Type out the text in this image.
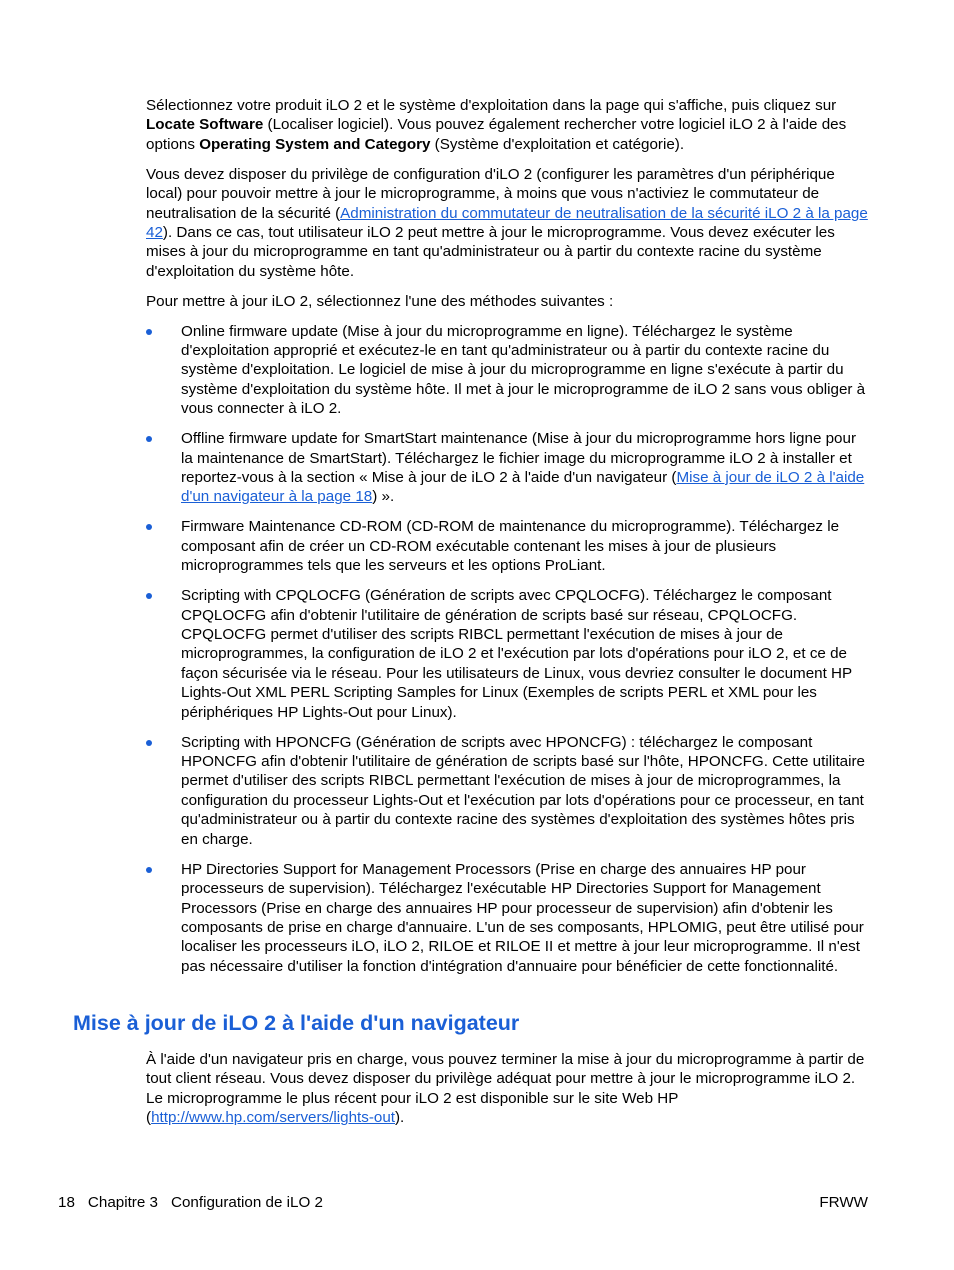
Sélectionnez votre produit iLO 2 et le système d'exploitation dans la page qui s'affiche, puis cliquez sur Locate Software (Localiser logiciel). Vous pouvez également rechercher votre logiciel iLO 2 à l'aide des options Operating System and Category (Système d'exploitation et catégorie).

Vous devez disposer du privilège de configuration d'iLO 2 (configurer les paramètres d'un périphérique local) pour pouvoir mettre à jour le microprogramme, à moins que vous n'activiez le commutateur de neutralisation de la sécurité (Administration du commutateur de neutralisation de la sécurité iLO 2 à la page 42). Dans ce cas, tout utilisateur iLO 2 peut mettre à jour le microprogramme. Vous devez exécuter les mises à jour du microprogramme en tant qu'administrateur ou à partir du contexte racine du système d'exploitation du système hôte.

Pour mettre à jour iLO 2, sélectionnez l'une des méthodes suivantes :

Online firmware update (Mise à jour du microprogramme en ligne). Téléchargez le système d'exploitation approprié et exécutez-le en tant qu'administrateur ou à partir du contexte racine du système d'exploitation. Le logiciel de mise à jour du microprogramme en ligne s'exécute à partir du système d'exploitation du système hôte. Il met à jour le microprogramme de iLO 2 sans vous obliger à vous connecter à iLO 2.
Offline firmware update for SmartStart maintenance (Mise à jour du microprogramme hors ligne pour la maintenance de SmartStart). Téléchargez le fichier image du microprogramme iLO 2 à installer et reportez-vous à la section « Mise à jour de iLO 2 à l'aide d'un navigateur (Mise à jour de iLO 2 à l'aide d'un navigateur à la page 18) ».
Firmware Maintenance CD-ROM (CD-ROM de maintenance du microprogramme). Téléchargez le composant afin de créer un CD-ROM exécutable contenant les mises à jour de plusieurs microprogrammes tels que les serveurs et les options ProLiant.
Scripting with CPQLOCFG (Génération de scripts avec CPQLOCFG). Téléchargez le composant CPQLOCFG afin d'obtenir l'utilitaire de génération de scripts basé sur réseau, CPQLOCFG. CPQLOCFG permet d'utiliser des scripts RIBCL permettant l'exécution de mises à jour de microprogrammes, la configuration de iLO 2 et l'exécution par lots d'opérations pour iLO 2, et ce de façon sécurisée via le réseau. Pour les utilisateurs de Linux, vous devriez consulter le document HP Lights-Out XML PERL Scripting Samples for Linux (Exemples de scripts PERL et XML pour les périphériques HP Lights-Out pour Linux).
Scripting with HPONCFG (Génération de scripts avec HPONCFG) : téléchargez le composant HPONCFG afin d'obtenir l'utilitaire de génération de scripts basé sur l'hôte, HPONCFG. Cette utilitaire permet d'utiliser des scripts RIBCL permettant l'exécution de mises à jour de microprogrammes, la configuration du processeur Lights-Out et l'exécution par lots d'opérations pour ce processeur, en tant qu'administrateur ou à partir du contexte racine des systèmes d'exploitation des systèmes hôtes pris en charge.
HP Directories Support for Management Processors (Prise en charge des annuaires HP pour processeurs de supervision). Téléchargez l'exécutable HP Directories Support for Management Processors (Prise en charge des annuaires HP pour processeur de supervision) afin d'obtenir les composants de prise en charge d'annuaire. L'un de ses composants, HPLOMIG, peut être utilisé pour localiser les processeurs iLO, iLO 2, RILOE et RILOE II et mettre à jour leur microprogramme. Il n'est pas nécessaire d'utiliser la fonction d'intégration d'annuaire pour bénéficier de cette fonctionnalité.
Mise à jour de iLO 2 à l'aide d'un navigateur

À l'aide d'un navigateur pris en charge, vous pouvez terminer la mise à jour du microprogramme à partir de tout client réseau. Vous devez disposer du privilège adéquat pour mettre à jour le microprogramme iLO 2. Le microprogramme le plus récent pour iLO 2 est disponible sur le site Web HP (http://www.hp.com/servers/lights-out).

18 Chapitre 3 Configuration de iLO 2	FRWW
